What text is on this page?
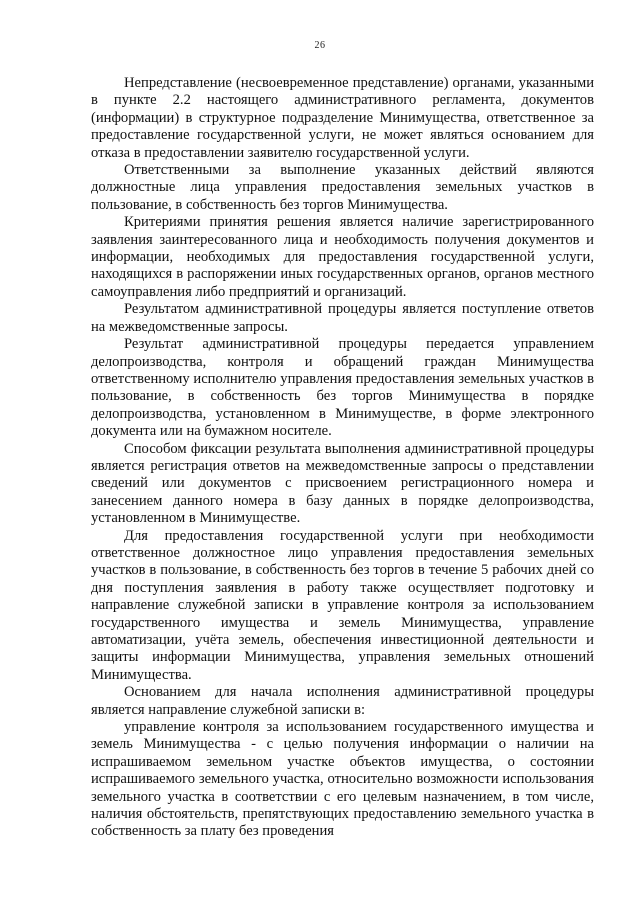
26

Непредставление (несвоевременное представление) органами, указанными в пункте 2.2 настоящего административного регламента, документов (информации) в структурное подразделение Минимущества, ответственное за предоставление государственной услуги, не может являться основанием для отказа в предоставлении заявителю государственной услуги.

Ответственными за выполнение указанных действий являются должностные лица управления предоставления земельных участков в пользование, в собственность без торгов Минимущества.

Критериями принятия решения является наличие зарегистрированного заявления заинтересованного лица и необходимость получения документов и информации, необходимых для предоставления государственной услуги, находящихся в распоряжении иных государственных органов, органов местного самоуправления либо предприятий и организаций.

Результатом административной процедуры является поступление ответов на межведомственные запросы.

Результат административной процедуры передается управлением делопроизводства, контроля и обращений граждан Минимущества ответственному исполнителю управления предоставления земельных участков в пользование, в собственность без торгов Минимущества в порядке делопроизводства, установленном в Минимуществе, в форме электронного документа или на бумажном носителе.

Способом фиксации результата выполнения административной процедуры является регистрация ответов на межведомственные запросы о представлении сведений или документов с присвоением регистрационного номера и занесением данного номера в базу данных в порядке делопроизводства, установленном в Минимуществе.

Для предоставления государственной услуги при необходимости ответственное должностное лицо управления предоставления земельных участков в пользование, в собственность без торгов в течение 5 рабочих дней со дня поступления заявления в работу также осуществляет подготовку и направление служебной записки в управление контроля за использованием государственного имущества и земель Минимущества, управление автоматизации, учёта земель, обеспечения инвестиционной деятельности и защиты информации Минимущества, управления земельных отношений Минимущества.

Основанием для начала исполнения административной процедуры является направление служебной записки в:

управление контроля за использованием государственного имущества и земель Минимущества - с целью получения информации о наличии на испрашиваемом земельном участке объектов имущества, о состоянии испрашиваемого земельного участка, относительно возможности использования земельного участка в соответствии с его целевым назначением, в том числе, наличия обстоятельств, препятствующих предоставлению земельного участка в собственность за плату без проведения
